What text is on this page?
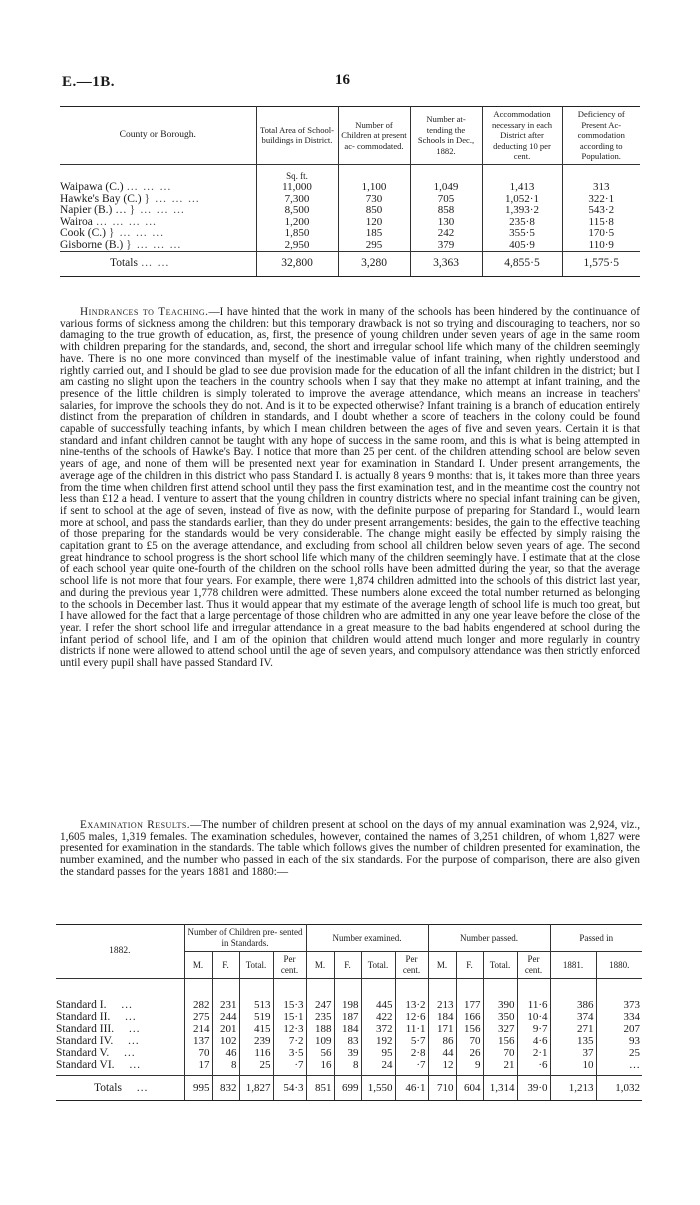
E.—1B.	16
County or Borough.	Total Area of School-buildings in District.	Number of Children at present ac- commodated.	Number at- tending the Schools in Dec., 1882.	Accommodation necessary in each District after deducting 10 per cent.	Deficiency of Present Ac- commodation according to Population.
	Sq. ft.				
Waipawa (C.) … … …	11,000	1,100	1,049	1,413	313
Hawke's Bay (C.) } … … …	7,300	730	705	1,052·1	322·1
Napier (B.) … } … … …	8,500	850	858	1,393·2	543·2
Wairoa … … … …	1,200	120	130	235·8	115·8
Cook (C.) } … … …	1,850	185	242	355·5	170·5
Gisborne (B.) } … … …	2,950	295	379	405·9	110·9
Totals … …	32,800	3,280	3,363	4,855·5	1,575·5

Hindrances to Teaching.—I have hinted that the work in many of the schools has been hindered by the continuance of various forms of sickness among the children: but this temporary drawback is not so trying and discouraging to teachers, nor so damaging to the true growth of education, as, first, the presence of young children under seven years of age in the same room with children preparing for the standards, and, second, the short and irregular school life which many of the children seemingly have. There is no one more convinced than myself of the inestimable value of infant training, when rightly understood and rightly carried out, and I should be glad to see due provision made for the education of all the infant children in the district; but I am casting no slight upon the teachers in the country schools when I say that they make no attempt at infant training, and the presence of the little children is simply tolerated to improve the average attendance, which means an increase in teachers' salaries, for improve the schools they do not. And is it to be expected otherwise? Infant training is a branch of education entirely distinct from the preparation of children in standards, and I doubt whether a score of teachers in the colony could be found capable of successfully teaching infants, by which I mean children between the ages of five and seven years. Certain it is that standard and infant children cannot be taught with any hope of success in the same room, and this is what is being attempted in nine-tenths of the schools of Hawke's Bay. I notice that more than 25 per cent. of the children attending school are below seven years of age, and none of them will be presented next year for examination in Standard I. Under present arrangements, the average age of the children in this district who pass Standard I. is actually 8 years 9 months: that is, it takes more than three years from the time when children first attend school until they pass the first examination test, and in the meantime cost the country not less than £12 a head. I venture to assert that the young children in country districts where no special infant training can be given, if sent to school at the age of seven, instead of five as now, with the definite purpose of preparing for Standard I., would learn more at school, and pass the standards earlier, than they do under present arrangements: besides, the gain to the effective teaching of those preparing for the standards would be very considerable. The change might easily be effected by simply raising the capitation grant to £5 on the average attendance, and excluding from school all children below seven years of age. The second great hindrance to school progress is the short school life which many of the children seemingly have. I estimate that at the close of each school year quite one-fourth of the children on the school rolls have been admitted during the year, so that the average school life is not more that four years. For example, there were 1,874 children admitted into the schools of this district last year, and during the previous year 1,778 children were admitted. These numbers alone exceed the total number returned as belonging to the schools in December last. Thus it would appear that my estimate of the average length of school life is much too great, but I have allowed for the fact that a large percentage of those children who are admitted in any one year leave before the close of the year. I refer the short school life and irregular attendance in a great measure to the bad habits engendered at school during the infant period of school life, and I am of the opinion that children would attend much longer and more regularly in country districts if none were allowed to attend school until the age of seven years, and compulsory attendance was then strictly enforced until every pupil shall have passed Standard IV.

Examination Results.—The number of children present at school on the days of my annual examination was 2,924, viz., 1,605 males, 1,319 females. The examination schedules, however, contained the names of 3,251 children, of whom 1,827 were presented for examination in the standards. The table which follows gives the number of children presented for examination, the number examined, and the number who passed in each of the six standards. For the purpose of comparison, there are also given the standard passes for the years 1881 and 1880:—

1882.	Number of Children pre- sented in Standards.				Number examined.				Number passed.				Passed in	
	M.	F.	Total.	Per cent.	M.	F.	Total.	Per cent.	M.	F.	Total.	Per cent.	1881.	1880.

Standard I. …	282	231	513	15·3	247	198	445	13·2	213	177	390	11·6	386	373
Standard II. …	275	244	519	15·1	235	187	422	12·6	184	166	350	10·4	374	334
Standard III. …	214	201	415	12·3	188	184	372	11·1	171	156	327	9·7	271	207
Standard IV. …	137	102	239	7·2	109	83	192	5·7	86	70	156	4·6	135	93
Standard V. …	70	46	116	3·5	56	39	95	2·8	44	26	70	2·1	37	25
Standard VI. …	17	8	25	·7	16	8	24	·7	12	9	21	·6	10	…
Totals …	995	832	1,827	54·3	851	699	1,550	46·1	710	604	1,314	39·0	1,213	1,032
